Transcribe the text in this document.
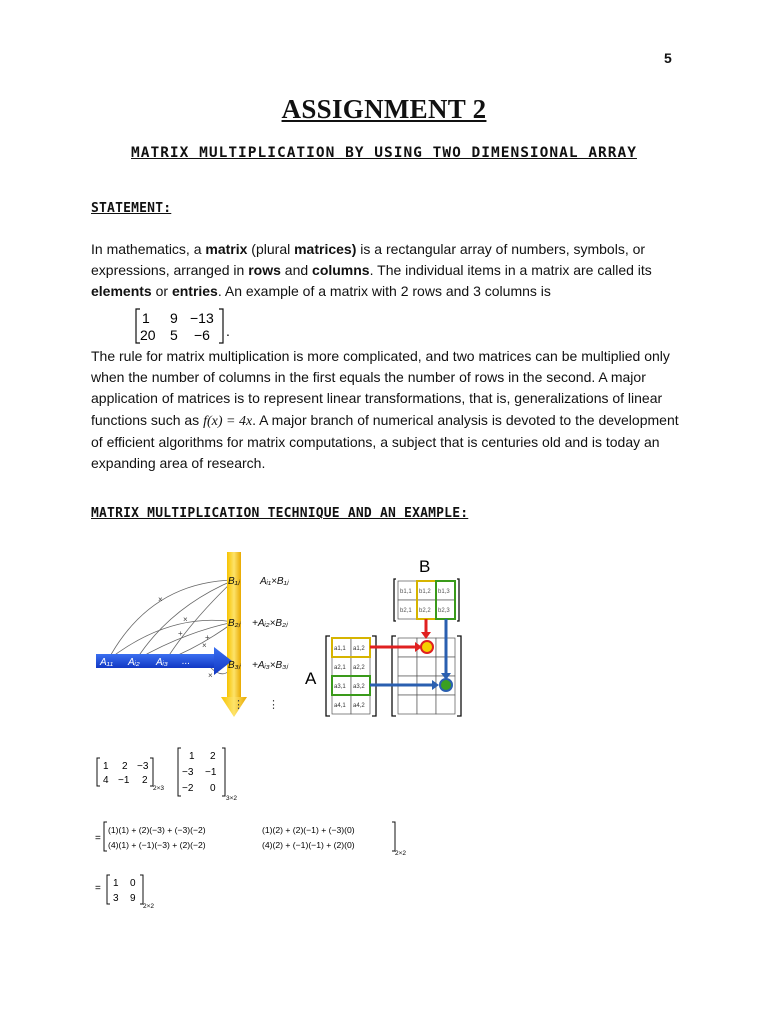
5
ASSIGNMENT 2
MATRIX MULTIPLICATION BY USING TWO DIMENSIONAL ARRAY
STATEMENT:
In mathematics, a matrix (plural matrices) is a rectangular array of numbers, symbols, or expressions, arranged in rows and columns. The individual items in a matrix are called its elements or entries. An example of a matrix with 2 rows and 3 columns is
1 9 −13
20 5 −6 .
The rule for matrix multiplication is more complicated, and two matrices can be multiplied only when the number of columns in the first equals the number of rows in the second. A major application of matrices is to represent linear transformations, that is, generalizations of linear functions such as f(x) = 4x. A major branch of numerical analysis is devoted to the development of efficient algorithms for matrix computations, a subject that is centuries old and is today an expanding area of research.
MATRIX MULTIPLICATION TECHNIQUE AND AN EXAMPLE:
×
×
+	+
×
×
A₁₁ Aᵢ₂ Aᵢ₃ ...
B₁ⱼ
B₂ⱼ
B₃ⱼ
Aᵢ₁×B₁ⱼ
+Aᵢ₂×B₂ⱼ
+Aᵢ₃×B₃ⱼ
⋮
⋮
B
A
b1,1 b1,2 b1,3
b2,1 b2,2 b2,3
a1,1 a1,2
a2,1 a2,2
a3,1 a3,2
a4,1 a4,2
1 2 −3
4 −1 2
2×3
1 2
−3 −1
−2 0
3×2
=
(1)(1) + (2)(−3) + (−3)(−2)	(1)(2) + (2)(−1) + (−3)(0)
(4)(1) + (−1)(−3) + (2)(−2)	(4)(2) + (−1)(−1) + (2)(0)
2×2
= 1 0
3 9
2×2
